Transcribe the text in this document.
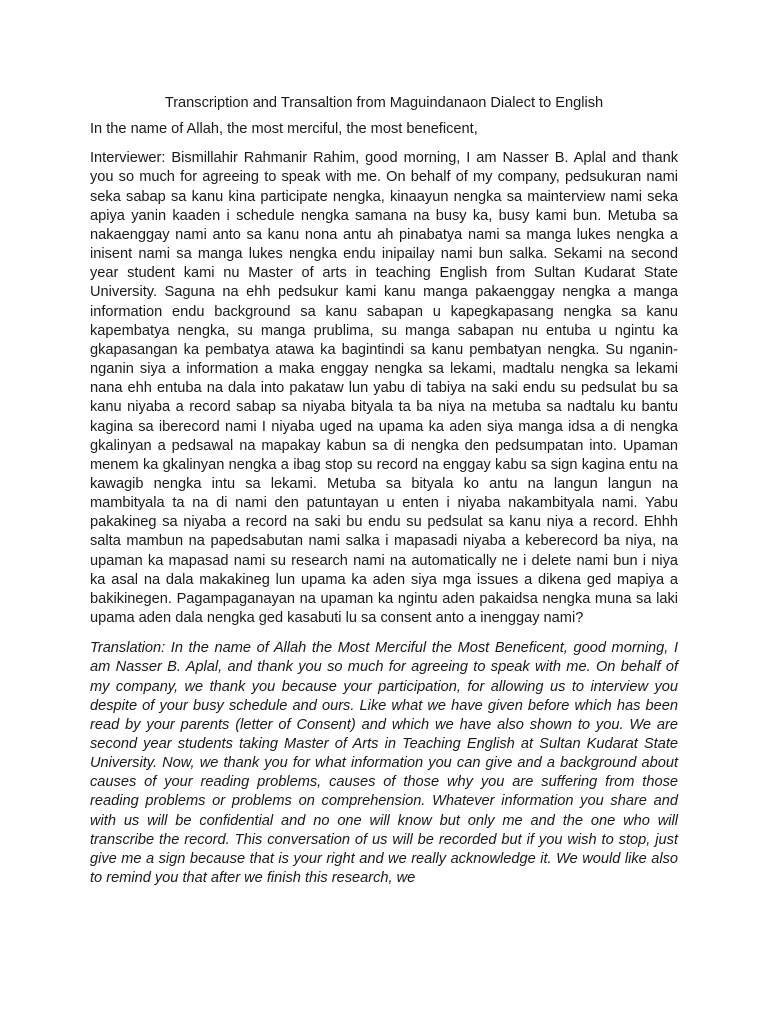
Transcription and Transaltion from Maguindanaon Dialect to English

In the name of Allah, the most merciful, the most beneficent,

Interviewer: Bismillahir Rahmanir Rahim, good morning, I am Nasser B. Aplal and thank you so much for agreeing to speak with me. On behalf of my company, pedsukuran nami seka sabap sa kanu kina participate nengka, kinaayun nengka sa mainterview nami seka apiya yanin kaaden i schedule nengka samana na busy ka, busy kami bun. Metuba sa nakaenggay nami anto sa kanu nona antu ah pinabatya nami sa manga lukes nengka a inisent nami sa manga lukes nengka endu inipailay nami bun salka. Sekami na second year student kami nu Master of arts in teaching English from Sultan Kudarat State University. Saguna na ehh pedsukur kami kanu manga pakaenggay nengka a manga information endu background sa kanu sabapan u kapegkapasang nengka sa kanu kapembatya nengka, su manga prublima, su manga sabapan nu entuba u ngintu ka gkapasangan ka pembatya atawa ka bagintindi sa kanu pembatyan nengka. Su nganin-nganin siya a information a maka enggay nengka sa lekami, madtalu nengka sa lekami nana ehh entuba na dala into pakataw lun yabu di tabiya na saki endu su pedsulat bu sa kanu niyaba a record sabap sa niyaba bityala ta ba niya na metuba sa nadtalu ku bantu kagina sa iberecord nami I niyaba uged na upama ka aden siya manga idsa a di nengka gkalinyan a pedsawal na mapakay kabun sa di nengka den pedsumpatan into. Upaman menem ka gkalinyan nengka a ibag stop su record na enggay kabu sa sign kagina entu na kawagib nengka intu sa lekami. Metuba sa bityala ko antu na langun langun na mambityala ta na di nami den patuntayan u enten i niyaba nakambityala nami. Yabu pakakineg sa niyaba a record na saki bu endu su pedsulat sa kanu niya a record. Ehhh salta mambun na papedsabutan nami salka i mapasadi niyaba a keberecord ba niya, na upaman ka mapasad nami su research nami na automatically ne i delete nami bun i niya ka asal na dala makakineg lun upama ka aden siya mga issues a dikena ged mapiya a bakikinegen. Pagampaganayan na upaman ka ngintu aden pakaidsa nengka muna sa laki upama aden dala nengka ged kasabuti lu sa consent anto a inenggay nami?

Translation: In the name of Allah the Most Merciful the Most Beneficent, good morning, I am Nasser B. Aplal, and thank you so much for agreeing to speak with me. On behalf of my company, we thank you because your participation, for allowing us to interview you despite of your busy schedule and ours. Like what we have given before which has been read by your parents (letter of Consent) and which we have also shown to you. We are second year students taking Master of Arts in Teaching English at Sultan Kudarat State University. Now, we thank you for what information you can give and a background about causes of your reading problems, causes of those why you are suffering from those reading problems or problems on comprehension. Whatever information you share and with us will be confidential and no one will know but only me and the one who will transcribe the record. This conversation of us will be recorded but if you wish to stop, just give me a sign because that is your right and we really acknowledge it. We would like also to remind you that after we finish this research, we
